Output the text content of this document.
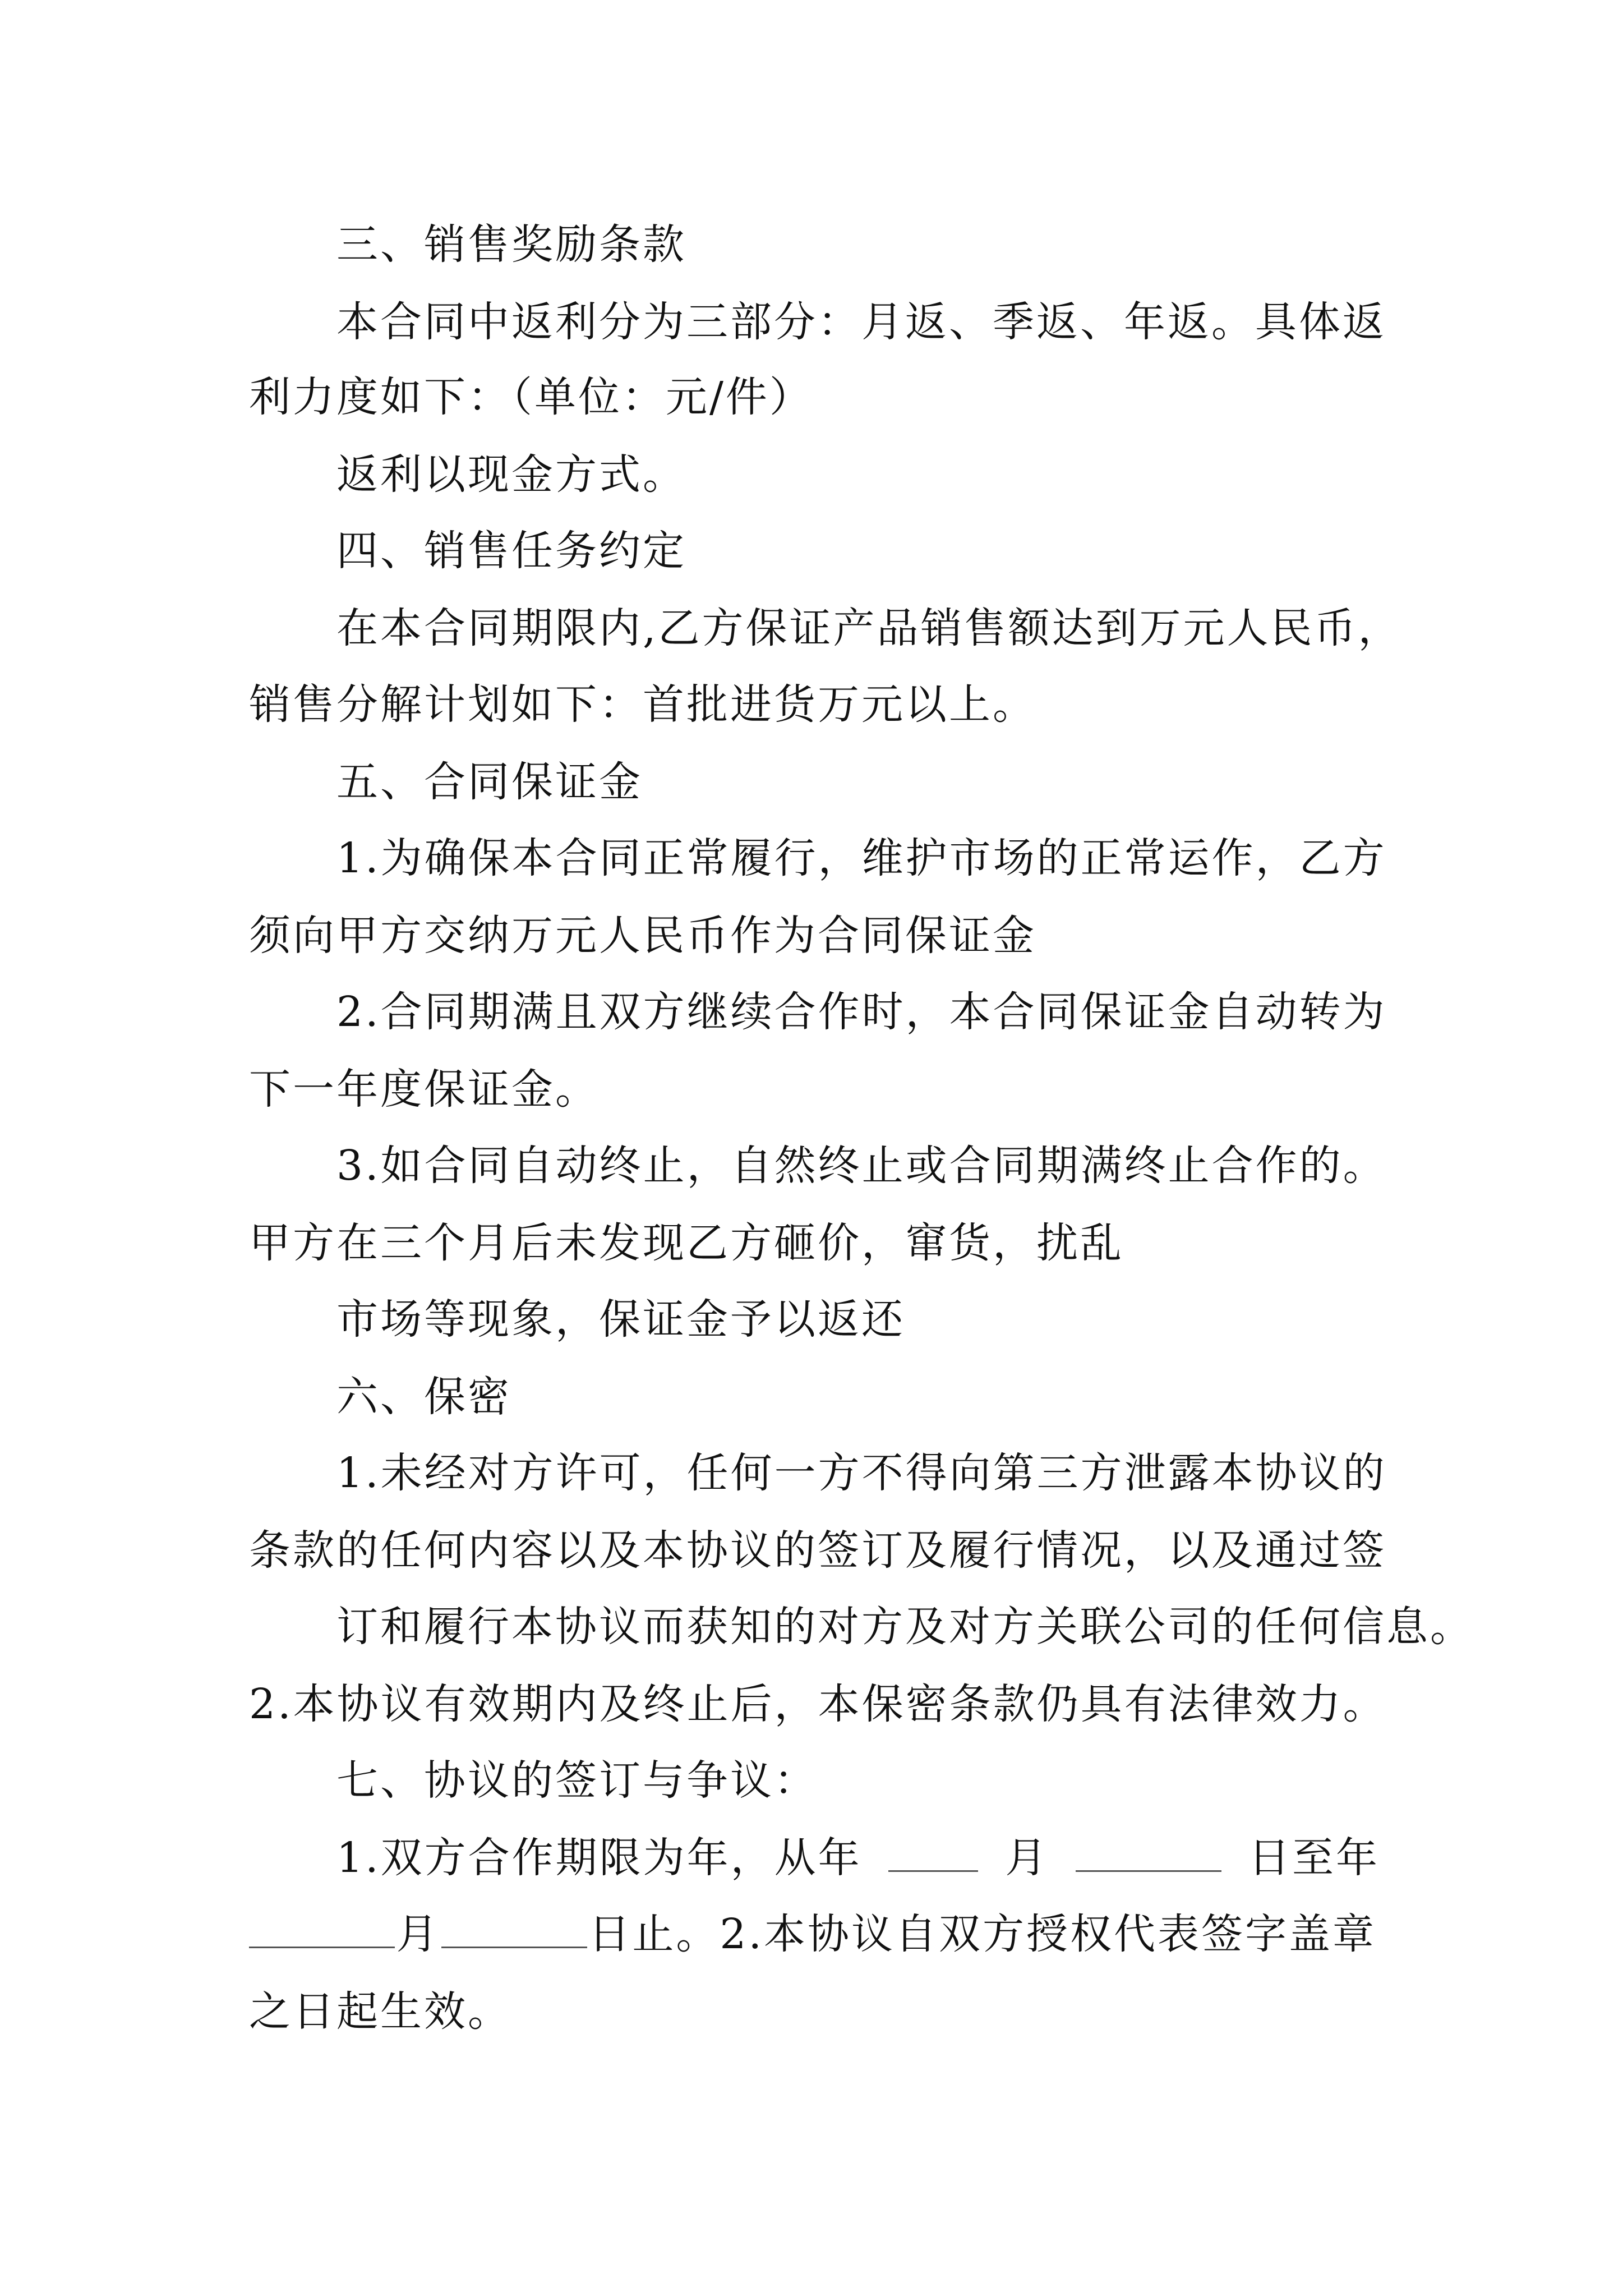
三、销售奖励条款
本合同中返利分为三部分：月返、季返、年返。具体返
利力度如下：（单位：元/件）
返利以现金方式。
四、销售任务约定
在本合同期限内,乙方保证产品销售额达到万元人民币，
销售分解计划如下：首批进货万元以上。
五、合同保证金
1.为确保本合同正常履行，维护市场的正常运作，乙方
须向甲方交纳万元人民币作为合同保证金
2.合同期满且双方继续合作时，本合同保证金自动转为
下一年度保证金。
3.如合同自动终止，自然终止或合同期满终止合作的。
甲方在三个月后未发现乙方砸价，窜货，扰乱
市场等现象，保证金予以返还
六、保密
1.未经对方许可，任何一方不得向第三方泄露本协议的
条款的任何内容以及本协议的签订及履行情况，以及通过签
订和履行本协议而获知的对方及对方关联公司的任何信息。
2.本协议有效期内及终止后，本保密条款仍具有法律效力。
七、协议的签订与争议：
1.双方合作期限为年，从年	月	日至年
月	日止。2.本协议自双方授权代表签字盖章
之日起生效。
